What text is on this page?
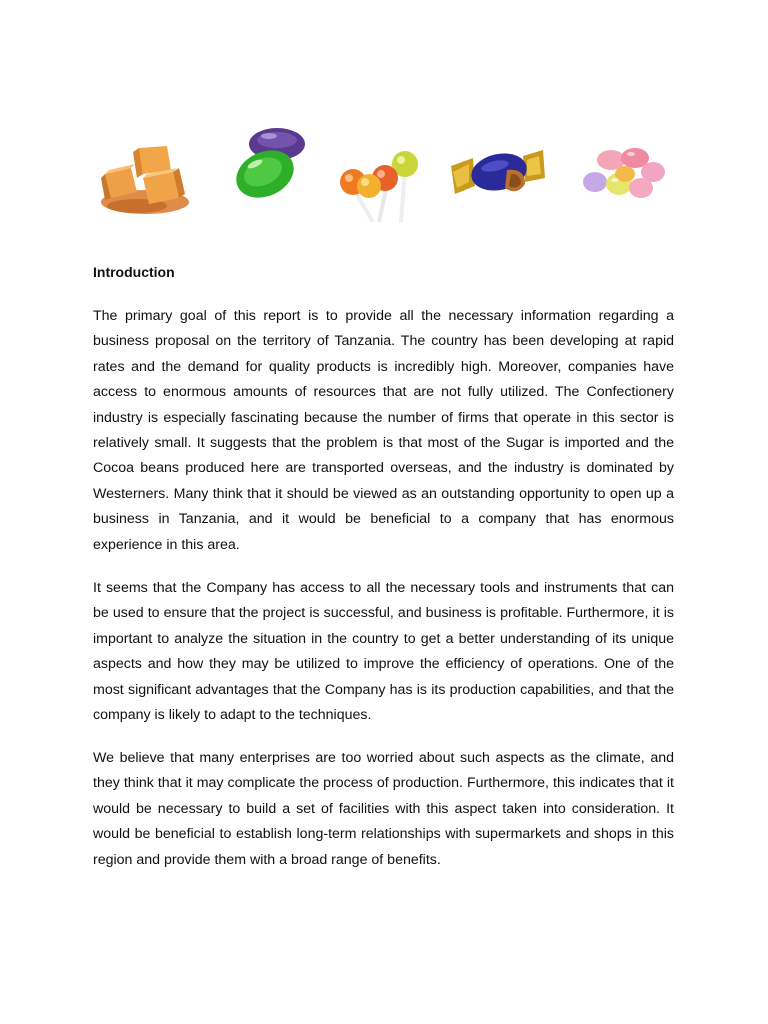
Introduction

The primary goal of this report is to provide all the necessary information regarding a business proposal on the territory of Tanzania. The country has been developing at rapid rates and the demand for quality products is incredibly high. Moreover, companies have access to enormous amounts of resources that are not fully utilized. The Confectionery industry is especially fascinating because the number of firms that operate in this sector is relatively small. It suggests that the problem is that most of the Sugar is imported and the Cocoa beans produced here are transported overseas, and the industry is dominated by Westerners. Many think that it should be viewed as an outstanding opportunity to open up a business in Tanzania, and it would be beneficial to a company that has enormous experience in this area.

It seems that the Company has access to all the necessary tools and instruments that can be used to ensure that the project is successful, and business is profitable. Furthermore, it is important to analyze the situation in the country to get a better understanding of its unique aspects and how they may be utilized to improve the efficiency of operations. One of the most significant advantages that the Company has is its production capabilities, and that the company is likely to adapt to the techniques.

We believe that many enterprises are too worried about such aspects as the climate, and they think that it may complicate the process of production. Furthermore, this indicates that it would be necessary to build a set of facilities with this aspect taken into consideration. It would be beneficial to establish long-term relationships with supermarkets and shops in this region and provide them with a broad range of benefits.
